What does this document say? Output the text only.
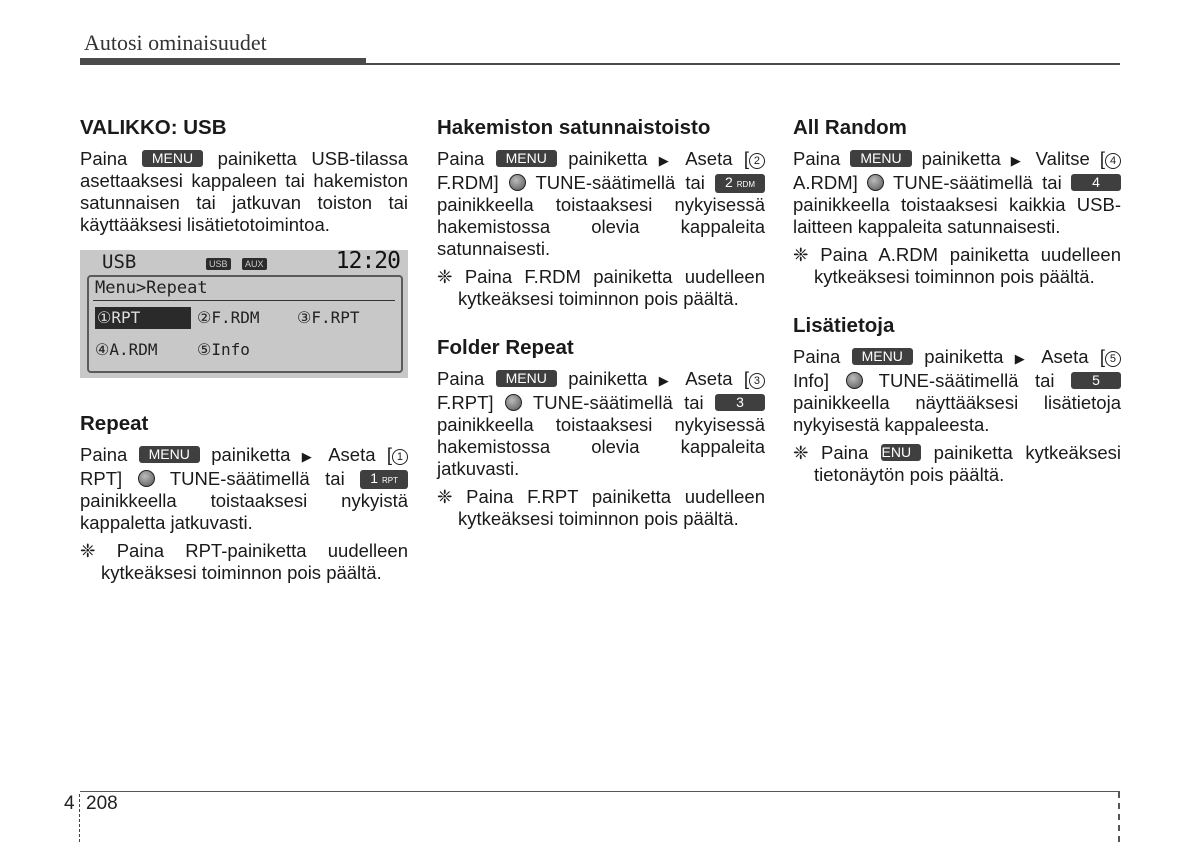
Autosi ominaisuudet
VALIKKO: USB

Paina MENU painiketta USB-tilassa asettaaksesi kappaleen tai hakemiston satunnaisen tai jatkuvan toiston tai käyttääksesi lisätietotoimintoa.

USB	USB	AUX	12:20
Menu>Repeat
①RPT	②F.RDM ③F.RPT
④A.RDM ⑤Info
Repeat

Paina MENU painiketta ▶ Aseta [ 1 RPT]  TUNE-säätimellä tai 1 RPT painikkeella toistaaksesi nykyistä kappaletta jatkuvasti.

❈ Paina RPT-painiketta uudelleen kytkeäksesi toiminnon pois päältä.

Hakemiston satunnaistoisto

Paina MENU painiketta ▶ Aseta [ 2 F.RDM]  TUNE-säätimellä tai 2 RDM painikkeella toistaaksesi nykyisessä hakemistossa olevia kappaleita satunnaisesti.

❈ Paina F.RDM painiketta uudelleen kytkeäksesi toiminnon pois päältä.

Folder Repeat

Paina MENU painiketta ▶ Aseta [ 3 F.RPT]  TUNE-säätimellä tai 3 painikkeella toistaaksesi nykyisessä hakemistossa olevia kappaleita jatkuvasti.

❈ Paina F.RPT painiketta uudelleen kytkeäksesi toiminnon pois päältä.

All Random

Paina MENU painiketta ▶ Valitse [ 4 A.RDM]  TUNE-säätimellä tai 4 painikkeella toistaaksesi kaikkia USB-laitteen kappaleita satunnaisesti.

❈ Paina A.RDM painiketta uudelleen kytkeäksesi toiminnon pois päältä.

Lisätietoja

Paina MENU painiketta ▶ Aseta [ 5 Info]  TUNE-säätimellä tai 5 painikkeella näyttääksesi lisätietoja nykyisestä kappaleesta.

❈ Paina MENU painiketta kytkeäksesi tietonäytön pois päältä.

4 208
